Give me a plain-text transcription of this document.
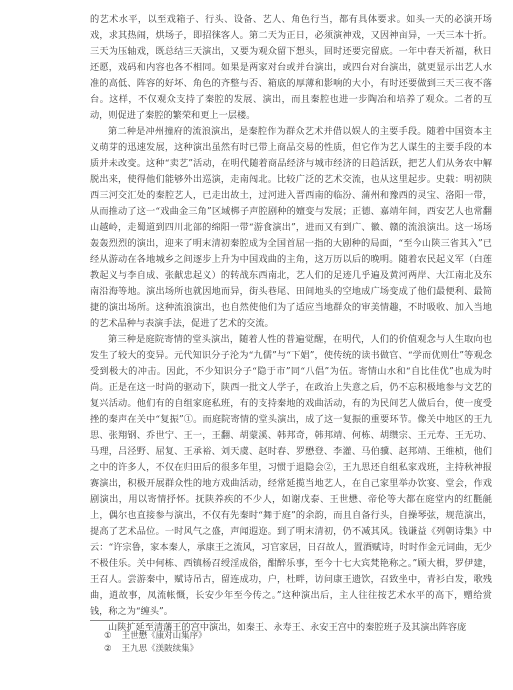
的艺术水平，以至戏箱子、行头、设备、艺人、角色行当，都有具体要求。如头一天的必演开场戏，求其热闹，烘场子，即招徕客人。第二天为正日，必须演神戏，又因神亩异，一天三本十折。三天为压轴戏，既总结三天演出，又要为观众留下想头，回时还要完留底。一年中春天祈福，秋日还愿，戏码和内容也各不相同。如果是两家对台或并台演出，或四台对台演出，就更显示出艺人水准的高低、阵容的好坏、角色的齐整与否、箱底的厚薄和影响的大小，有时还要做到三天三夜不落台。这样，不仅观众支持了秦腔的发展、演出，而且秦腔也进一步陶冶和培养了观众。二者的互动，则促进了秦腔的繁荣和更上一层楼。

第二种是冲州撞府的流浪演出，是秦腔作为群众艺术并借以娱人的主要手段。随着中国资本主义萌芽的迅速发展，这种演出虽然有时已带上商品交易的性质，但它作为艺人谋生的主要手段的本质并未改变。这种“卖艺”活动，在明代随着商品经济与城市经济的日趋活跃，把艺人们从务农中解脱出来，使得他们能够外出巡演，走南闯北。比较广泛的艺术交流，也从这里起步。史载：明初陕西三河交汇处的秦腔艺人，已走出故土，过河进入晋西南的临汾、蒲州和豫西的灵宝、洛阳一带，从而推动了这一“戏曲金三角”区域梆子声腔剧种的嬗变与发展；正德、嘉靖年间，西安艺人也常翻山越岭，走蜀道到四川北部的绵阳一带“游食演出”，进而又有到广、徽、赣的流浪演出。这一场场轰轰烈烈的演出，迎来了明末清初秦腔成为全国首屈一指的大剧种的局面，“至今山陕三省其入”已经从游动在各地城乡之间逐步上升为中国戏曲的主角，这万历以后的晚明。随着农民起义军（白莲教起义与李自成、张献忠起义）的转战东西南北，艺人们的足迹几乎遍及黄河两岸、大江南北及东南沿海等地。演出场所也就因地而异，街头巷尾、田间地头的空地成广场变成了他们最便利、最简捷的演出场所。这种流浪演出，也自然使他们为了适应当地群众的审美情趣，不时吸收、加入当地的艺术品种与表演手法，促进了艺术的交流。

第三种是庭院寄情的堂头演出，随着人性的普遍觉醒，在明代，人们的价值观念与人生取向也发生了较大的变异。元代知识分子沦为“九儒”与“下娼”，使传统的读书做官、“学而优则仕”等观念受到极大的冲击。因此，不少知识分子“隐于市”同“八倡”为伍。寄情山水和“自比佳优”也成为时尚。正是在这一时尚的驱动下，陕西一批文人学子，在政治上失意之后，仍不忘积极地参与文艺的复兴活动。他们有的自组家庭私班，有的支持秦地的戏曲活动，有的为民间艺人做后台，使一度受挫的秦声在关中“复振”①。而庭院寄情的堂头演出，成了这一复振的重要环节。像关中地区的王九思、张翔钢、乔世宁、王一，王翻、胡蒙溪、韩邦奇，韩邦靖、何栋、胡缵宗、王元寿、王无功、马理，吕泾野、屈复、王承裕、刘天虞、赵时春、罗懋登、李灌、马伯骥、赵邦靖、王维桢，他们之中的许多人，不仅在归田后的很多年里，习惯于退隐会②，王九思还自组私家戏班，主持秋神报赛演出，积极开展群众性的地方戏曲活动，经常延揽当地艺人，在自己家里举办饮宴、堂会，作戏剧演出，用以寄情抒怀。抚陕养疾的不少人，如谢戊泰、王世懋、帝伦等大都在庭堂内的红氍毹上，偶尔也直接参与演出，不仅有先秦时“舞于庭”的余韵，而且自备行头，自操琴弦，规范演出，提高了艺术品位。一时风气之盛，声闻遐迩。到了明末清初，仍不减其风。钱谦益《列朝诗集》中云：“许宗鲁，家本秦人，承康王之流风，习官家居，日召故人，置酒赋诗，时时作金元词曲，无少不极佳乐。关中何栋、西镇杨召绶淫成俗，酣醉乐事，至今十七大宾梵艳称之。”顾大楫，罗伊建，王召人。尝游秦中，赋诗吊古，留连成功，户，杜畔，访问康王遗饮，召致坐中，青衫白发，歌残曲，逍故事，凤流帐慨，长安少年至今传之。”这种演出后，主人往往按艺术水平的高下，赠给赏钱，称之为“缠头”。

山陕扩延至清藩王的宫中演出，如秦王、永寿王、永安王宫中的秦腔班子及其演出阵容庞

① 王世懋《康对山集序》
② 王九思《渼陂续集》
